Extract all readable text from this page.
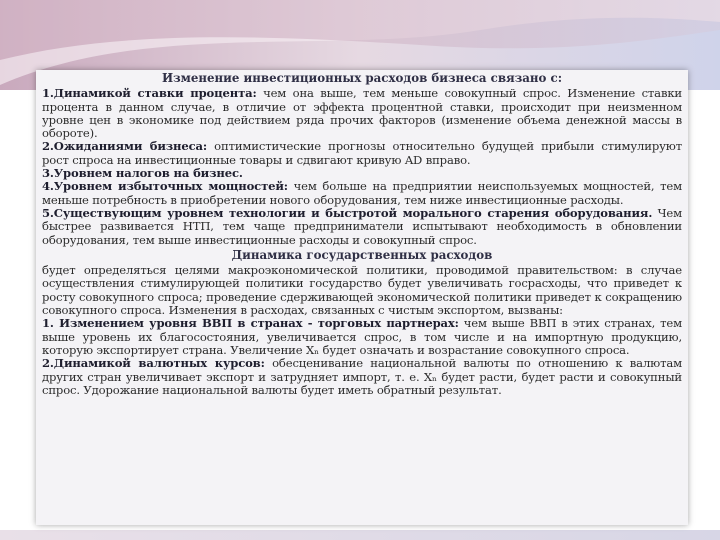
Изменение инвестиционных расходов бизнеса связано с:

1.Динамикой ставки процента: чем она выше, тем меньше совокупный спрос. Изменение ставки процента в данном случае, в отличие от эффекта процентной ставки, происходит при неизменном уровне цен в экономике под действием ряда прочих факторов (изменение объема денежной массы в обороте).

2.Ожиданиями бизнеса: оптимистические прогнозы относительно будущей прибыли стимулируют рост спроса на инвестиционные товары и сдвигают кривую AD вправо.

3.Уровнем налогов на бизнес.

4.Уровнем избыточных мощностей: чем больше на предприятии неиспользуемых мощностей, тем меньше потребность в приобретении нового оборудования, тем ниже инвестиционные расходы.

5.Существующим уровнем технологии и быстротой морального старения оборудования. Чем быстрее развивается НТП, тем чаще предприниматели испытывают необходимость в обновлении оборудования, тем выше инвестиционные расходы и совокупный спрос.

Динамика государственных расходов

будет определяться целями макроэкономической политики, проводимой правительством: в случае осуществления стимулирующей политики государство будет увеличивать госрасходы, что приведет к росту совокупного спроса; проведение сдерживающей экономической политики приведет к сокращению совокупного спроса. Изменения в расходах, связанных с чистым экспортом, вызваны:

1. Изменением уровня ВВП в странах - торговых партнерах: чем выше ВВП в этих странах, тем выше уровень их благосостояния, увеличивается спрос, в том числе и на импортную продукцию, которую экспортирует страна. Увеличение Xₙ будет означать и возрастание совокупного спроса.

2.Динамикой валютных курсов: обесценивание национальной валюты по отношению к валютам других стран увеличивает экспорт и затрудняет импорт, т. е. Xₙ будет расти, будет расти и совокупный спрос. Удорожание национальной валюты будет иметь обратный результат.
